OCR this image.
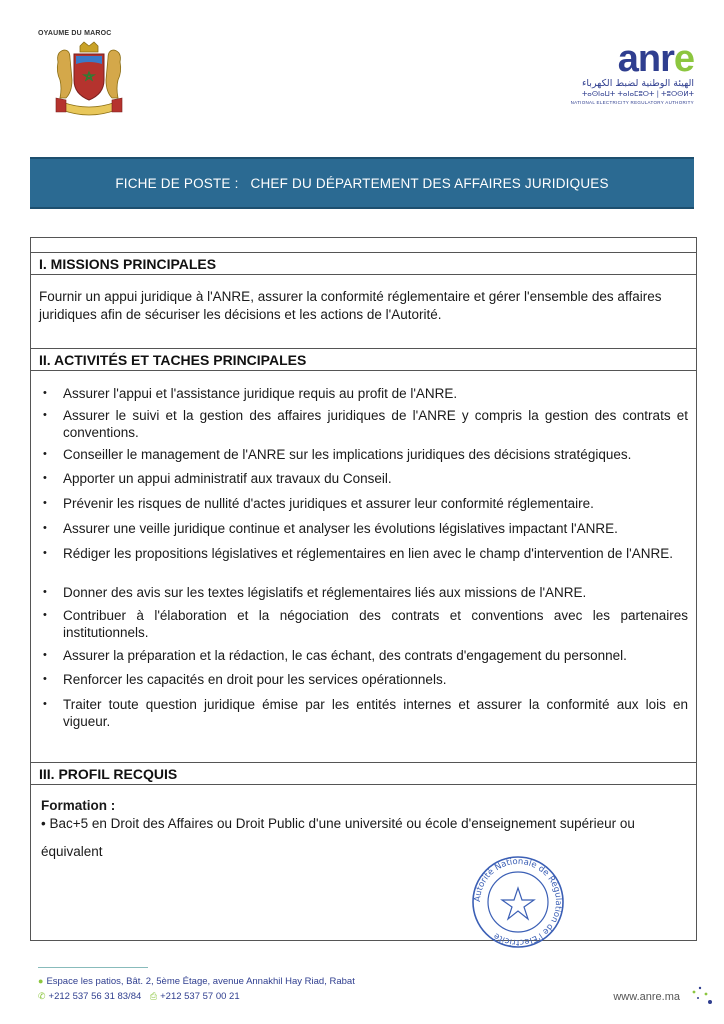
OYAUME DU MAROC
anre
الهيئة الوطنية لضبط الكهرباء
ⵜⴰⵙⵏⴰⵡⵜ ⵜⴰⵏⴰⵎⵓⵔⵜ | ⵜⵓⵔⵙⵍⵜ
NATIONAL ELECTRICITY REGULATORY AUTHORITY
FICHE DE POSTE : CHEF DU DÉPARTEMENT DES AFFAIRES JURIDIQUES
I. MISSIONS PRINCIPALES
Fournir un appui juridique à l'ANRE, assurer la conformité réglementaire et gérer l'ensemble des affaires juridiques afin de sécuriser les décisions et les actions de l'Autorité.
II. ACTIVITÉS ET TACHES PRINCIPALES
• Assurer l'appui et l'assistance juridique requis au profit de l'ANRE.
• Assurer le suivi et la gestion des affaires juridiques de l'ANRE y compris la gestion des contrats et conventions.
• Conseiller le management de l'ANRE sur les implications juridiques des décisions stratégiques.
• Apporter un appui administratif aux travaux du Conseil.
• Prévenir les risques de nullité d'actes juridiques et assurer leur conformité réglementaire.
• Assurer une veille juridique continue et analyser les évolutions législatives impactant l'ANRE.
• Rédiger les propositions législatives et réglementaires en lien avec le champ d'intervention de l'ANRE.
• Donner des avis sur les textes législatifs et réglementaires liés aux missions de l'ANRE.
• Contribuer à l'élaboration et la négociation des contrats et conventions avec les partenaires institutionnels.
• Assurer la préparation et la rédaction, le cas échant, des contrats d'engagement du personnel.
• Renforcer les capacités en droit pour les services opérationnels.
• Traiter toute question juridique émise par les entités internes et assurer la conformité aux lois en vigueur.
III. PROFIL RECQUIS
Formation :
• Bac+5 en Droit des Affaires ou Droit Public d'une université ou école d'enseignement supérieur ou
équivalent
Autorité Nationale de Régulation de l'Electricité
● Espace les patios, Bât. 2, 5ème Étage, avenue Annakhil Hay Riad, Rabat
✆ +212 537 56 31 83/84 ⎙ +212 537 57 00 21	www.anre.ma
